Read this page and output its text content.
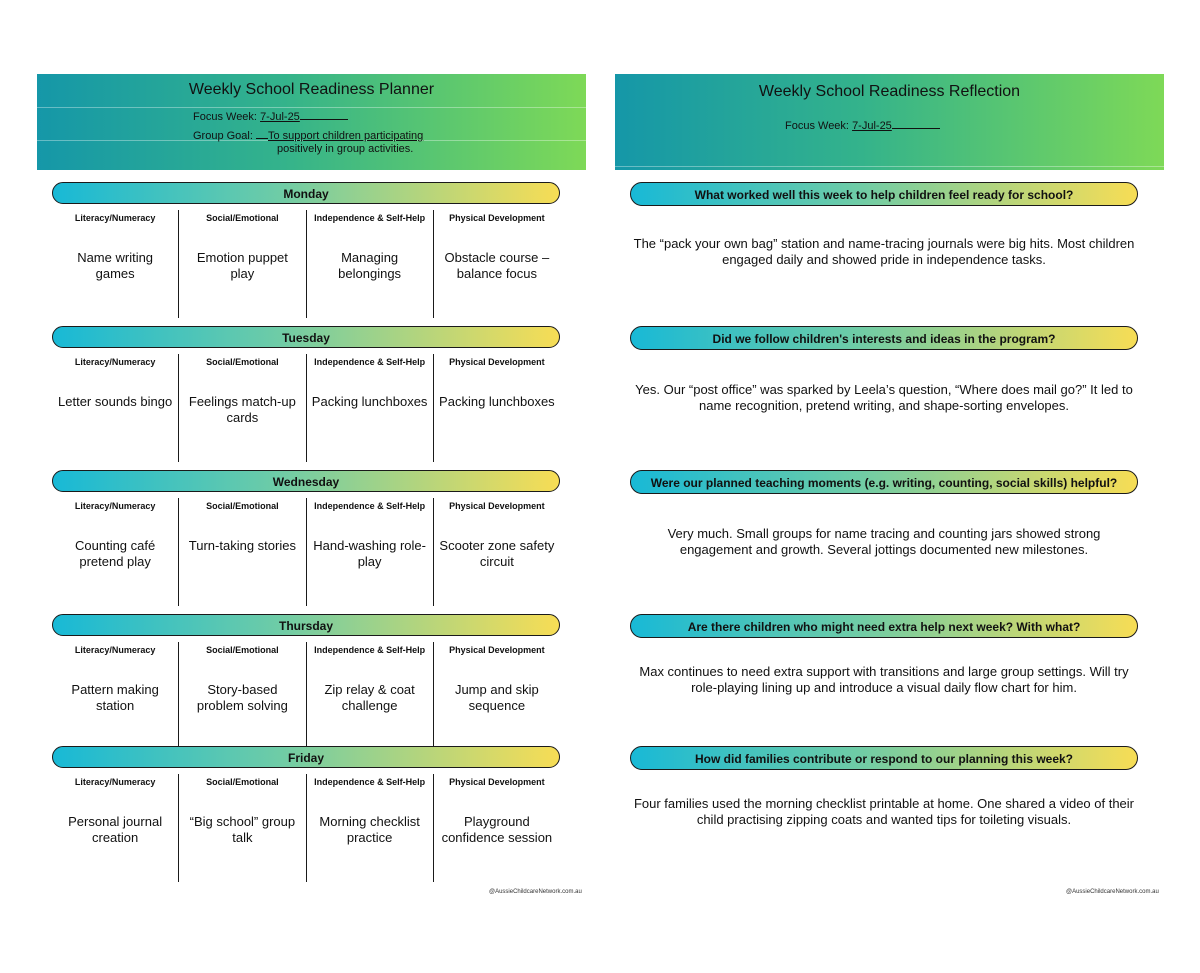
Weekly School Readiness Planner
Focus Week: 7-Jul-25
Group Goal: To support children participating
positively in group activities.
Monday
Literacy/Numeracy
Name writing games
Social/Emotional
Emotion puppet play
Independence & Self-Help
Managing belongings
Physical Development
Obstacle course – balance focus
Tuesday
Literacy/Numeracy
Letter sounds bingo
Social/Emotional
Feelings match-up cards
Independence & Self-Help
Packing lunchboxes
Physical Development
Packing lunchboxes
Wednesday
Literacy/Numeracy
Counting café pretend play
Social/Emotional
Turn-taking stories
Independence & Self-Help
Hand-washing role-play
Physical Development
Scooter zone safety circuit
Thursday
Literacy/Numeracy
Pattern making station
Social/Emotional
Story-based problem solving
Independence & Self-Help
Zip relay & coat challenge
Physical Development
Jump and skip sequence
Friday
Literacy/Numeracy
Personal journal creation
Social/Emotional
“Big school” group talk
Independence & Self-Help
Morning checklist practice
Physical Development
Playground confidence session
@AussieChildcareNetwork.com.au
Weekly School Readiness Reflection
Focus Week: 7-Jul-25
@AussieChildcareNetwork.com.au
What worked well this week to help children feel ready for school?
The “pack your own bag” station and name-tracing journals were big hits. Most children engaged daily and showed pride in independence tasks.
Did we follow children's interests and ideas in the program?
Yes. Our “post office” was sparked by Leela’s question, “Where does mail go?” It led to name recognition, pretend writing, and shape-sorting envelopes.
Were our planned teaching moments (e.g. writing, counting, social skills) helpful?
Very much. Small groups for name tracing and counting jars showed strong engagement and growth. Several jottings documented new milestones.
Are there children who might need extra help next week? With what?
Max continues to need extra support with transitions and large group settings. Will try role-playing lining up and introduce a visual daily flow chart for him.
How did families contribute or respond to our planning this week?
Four families used the morning checklist printable at home. One shared a video of their child practising zipping coats and wanted tips for toileting visuals.
